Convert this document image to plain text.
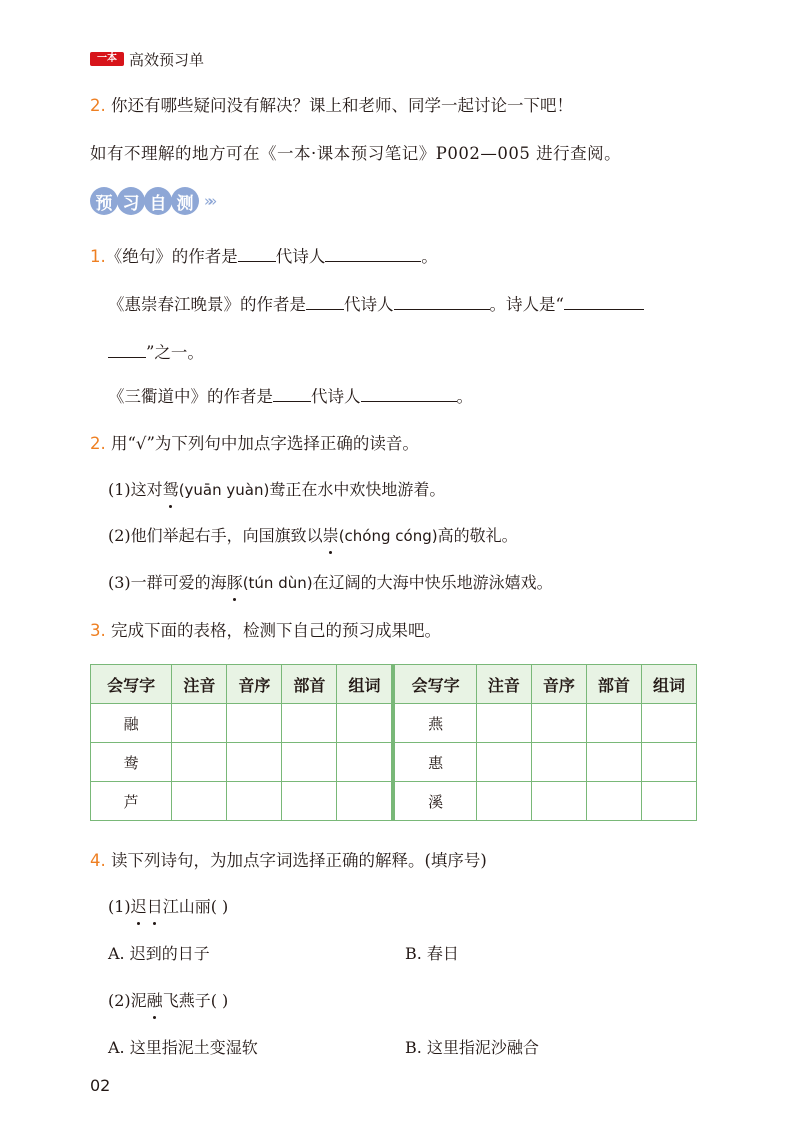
一本 高效预习单
2. 你还有哪些疑问没有解决？课上和老师、同学一起讨论一下吧！
如有不理解的地方可在《一本·课本预习笔记》P002—005 进行查阅。
预 习 自 测 »»
1.《绝句》的作者是 代诗人	。
《惠崇春江晚景》的作者是 代诗人	。诗人是“
”之一。
《三衢道中》的作者是 代诗人	。
2. 用“√”为下列句中加点字选择正确的读音。
(1)这对鸳(yuān yuàn)鸯正在水中欢快地游着。
(2)他们举起右手，向国旗致以崇(chóng cóng)高的敬礼。
(3)一群可爱的海豚(tún dùn)在辽阔的大海中快乐地游泳嬉戏。
3. 完成下面的表格，检测下自己的预习成果吧。
会写字	注音	音序	部首	组词	会写字	注音	音序	部首	组词
融					燕				
鸯					惠				
芦					溪				
4. 读下列诗句，为加点字词选择正确的解释。(填序号)
(1)迟日江山丽( )
A. 迟到的日子	B. 春日
(2)泥融飞燕子( )
A. 这里指泥土变湿软	B. 这里指泥沙融合
02
